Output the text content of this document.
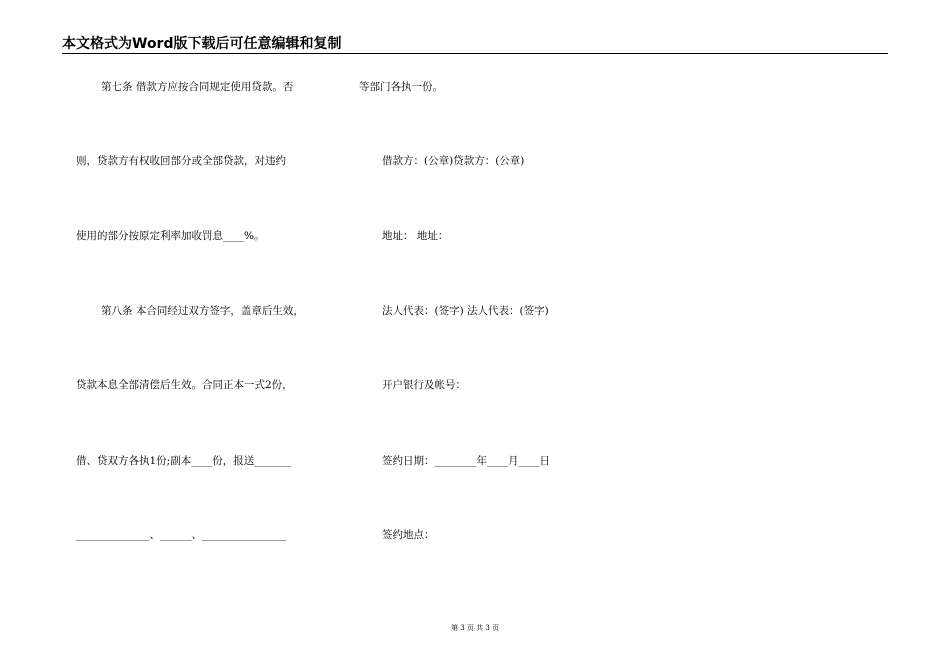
本文格式为Word版下载后可任意编辑和复制
第七条 借款方应按合同规定使用贷款。否
则，贷款方有权收回部分或全部贷款，对违约
使用的部分按原定利率加收罚息____%。
第八条 本合同经过双方签字，盖章后生效，
贷款本息全部清偿后生效。合同正本一式2份，
借、贷双方各执1份;副本____份，报送_______
______________、______、________________
等部门各执一份。
借款方：(公章)贷款方：(公章)
地址： 地址：
法人代表：(签字) 法人代表：(签字)
开户银行及帐号：
签约日期：________年____月____日
签约地点：
第 3 页 共 3 页
